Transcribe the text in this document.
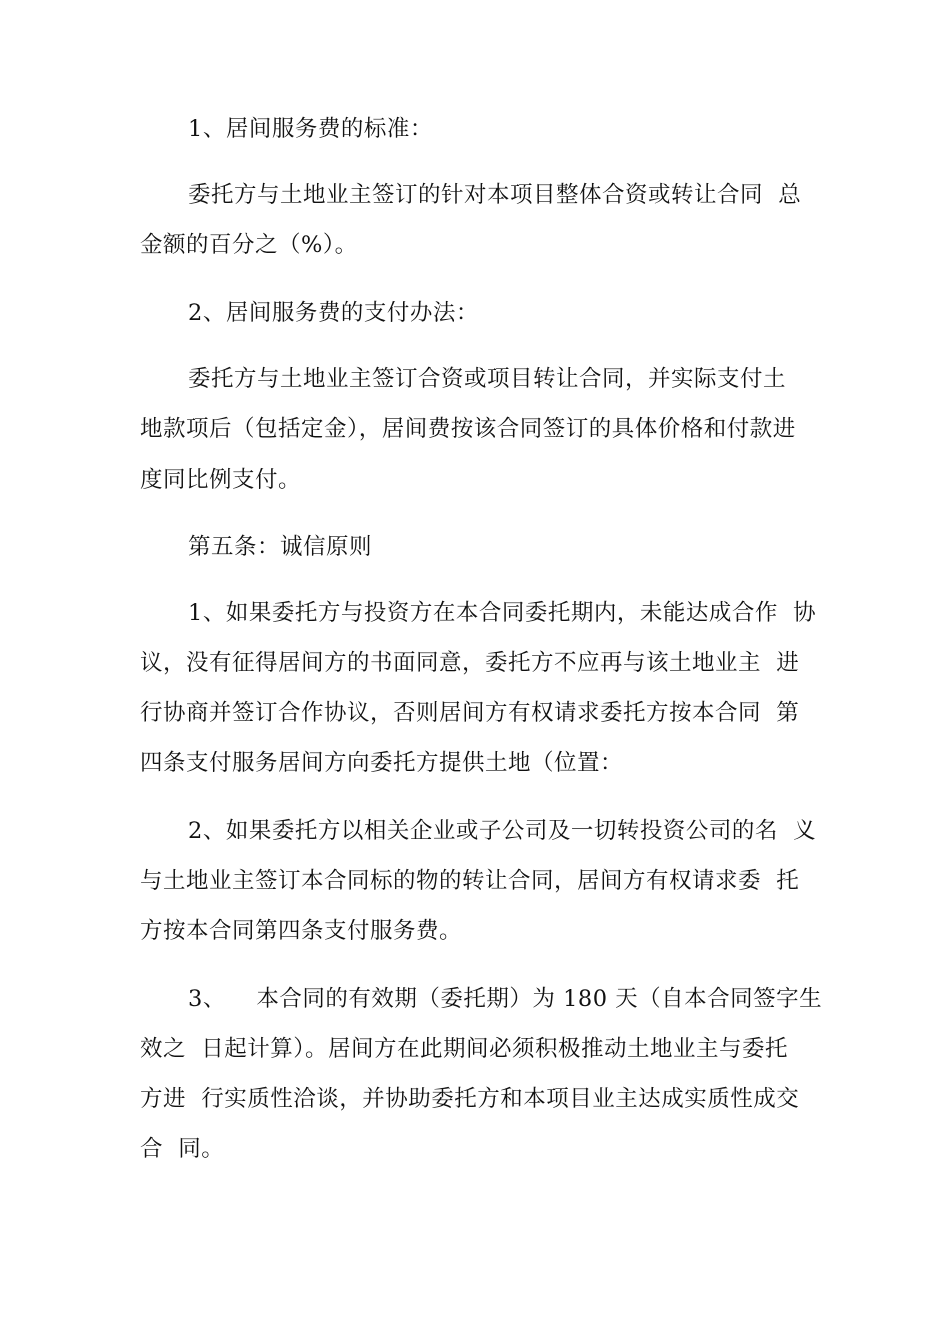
1、居间服务费的标准：
委托方与土地业主签订的针对本项目整体合资或转让合同  总
金额的百分之（%）。
2、居间服务费的支付办法：
委托方与土地业主签订合资或项目转让合同，并实际支付土
地款项后（包括定金），居间费按该合同签订的具体价格和付款进
度同比例支付。
第五条：诚信原则
1、如果委托方与投资方在本合同委托期内，未能达成合作  协
议，没有征得居间方的书面同意，委托方不应再与该土地业主  进
行协商并签订合作协议，否则居间方有权请求委托方按本合同  第
四条支付服务居间方向委托方提供土地（位置：
2、如果委托方以相关企业或子公司及一切转投资公司的名  义
与土地业主签订本合同标的物的转让合同，居间方有权请求委  托
方按本合同第四条支付服务费。
3、    本合同的有效期（委托期）为 180 天（自本合同签字生
效之  日起计算）。居间方在此期间必须积极推动土地业主与委托
方进  行实质性洽谈，并协助委托方和本项目业主达成实质性成交
合  同。
